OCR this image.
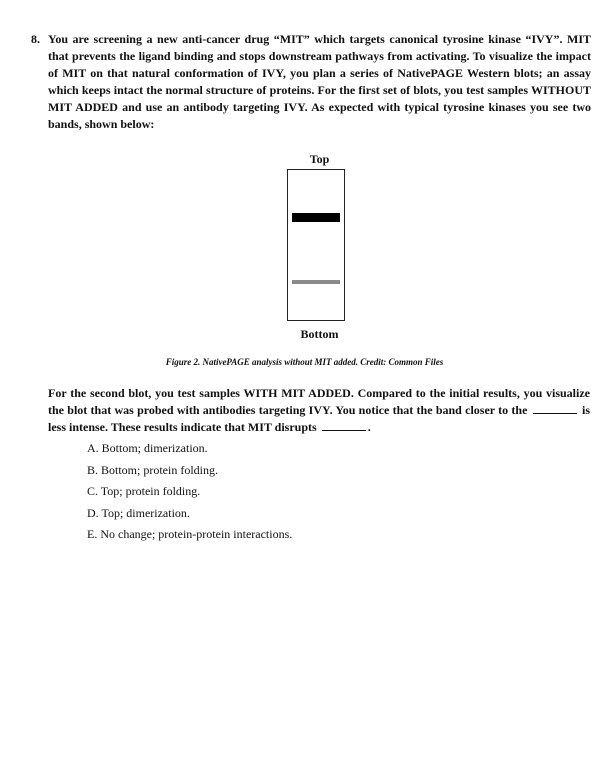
8. You are screening a new anti-cancer drug “MIT” which targets canonical tyrosine kinase “IVY”. MIT that prevents the ligand binding and stops downstream pathways from activating. To visualize the impact of MIT on that natural conformation of IVY, you plan a series of NativePAGE Western blots; an assay which keeps intact the normal structure of proteins. For the first set of blots, you test samples WITHOUT MIT ADDED and use an antibody targeting IVY. As expected with typical tyrosine kinases you see two bands, shown below:
Top
Bottom
Figure 2. NativePAGE analysis without MIT added. Credit: Common Files
For the second blot, you test samples WITH MIT ADDED. Compared to the initial results, you visualize the blot that was probed with antibodies targeting IVY. You notice that the band closer to the	is less intense. These results indicate that MIT disrupts	.
A. Bottom; dimerization.
B. Bottom; protein folding.
C. Top; protein folding.
D. Top; dimerization.
E. No change; protein-protein interactions.
